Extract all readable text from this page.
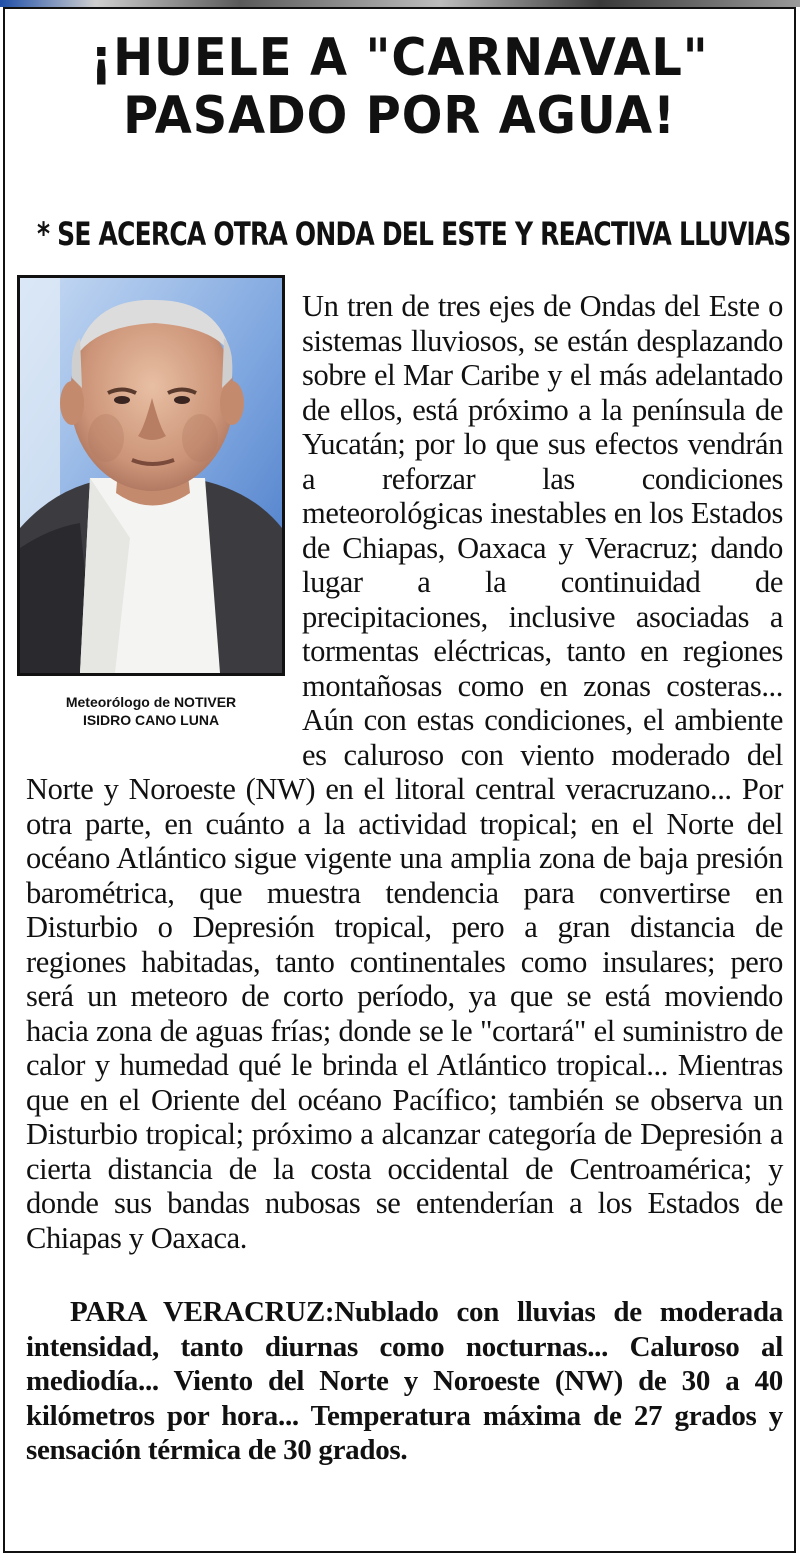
¡HUELE A "CARNAVAL"
PASADO POR AGUA!
* SE ACERCA OTRA ONDA DEL ESTE Y REACTIVA LLUVIAS
Meteorólogo de NOTIVER
ISIDRO CANO LUNA

Un tren de tres ejes de Ondas del Este o sistemas lluviosos, se están desplazando sobre el Mar Caribe y el más adelantado de ellos, está próximo a la península de Yucatán; por lo que sus efectos vendrán a reforzar las condiciones meteorológicas inestables en los Estados de Chiapas, Oaxaca y Veracruz; dando lugar a la continuidad de precipitaciones, inclusive asociadas a tormentas eléctricas, tanto en regiones montañosas como en zonas costeras... Aún con estas condiciones, el ambiente es caluroso con viento moderado del Norte y Noroeste (NW) en el litoral central veracruzano... Por otra parte, en cuánto a la actividad tropical; en el Norte del océano Atlántico sigue vigente una amplia zona de baja presión barométrica, que muestra tendencia para convertirse en Disturbio o Depresión tropical, pero a gran distancia de regiones habitadas, tanto continentales como insulares; pero será un meteoro de corto período, ya que se está moviendo hacia zona de aguas frías; donde se le "cortará" el suministro de calor y humedad qué le brinda el Atlántico tropical... Mientras que en el Oriente del océano Pacífico; también se observa un Disturbio tropical; próximo a alcanzar categoría de Depresión a cierta distancia de la costa occidental de Centroamérica; y donde sus bandas nubosas se entenderían a los Estados de Chiapas y Oaxaca.

PARA VERACRUZ:Nublado con lluvias de moderada intensidad, tanto diurnas como nocturnas... Caluroso al mediodía... Viento del Norte y Noroeste (NW) de 30 a 40 kilómetros por hora... Temperatura máxima de 27 grados y sensación térmica de 30 grados.
